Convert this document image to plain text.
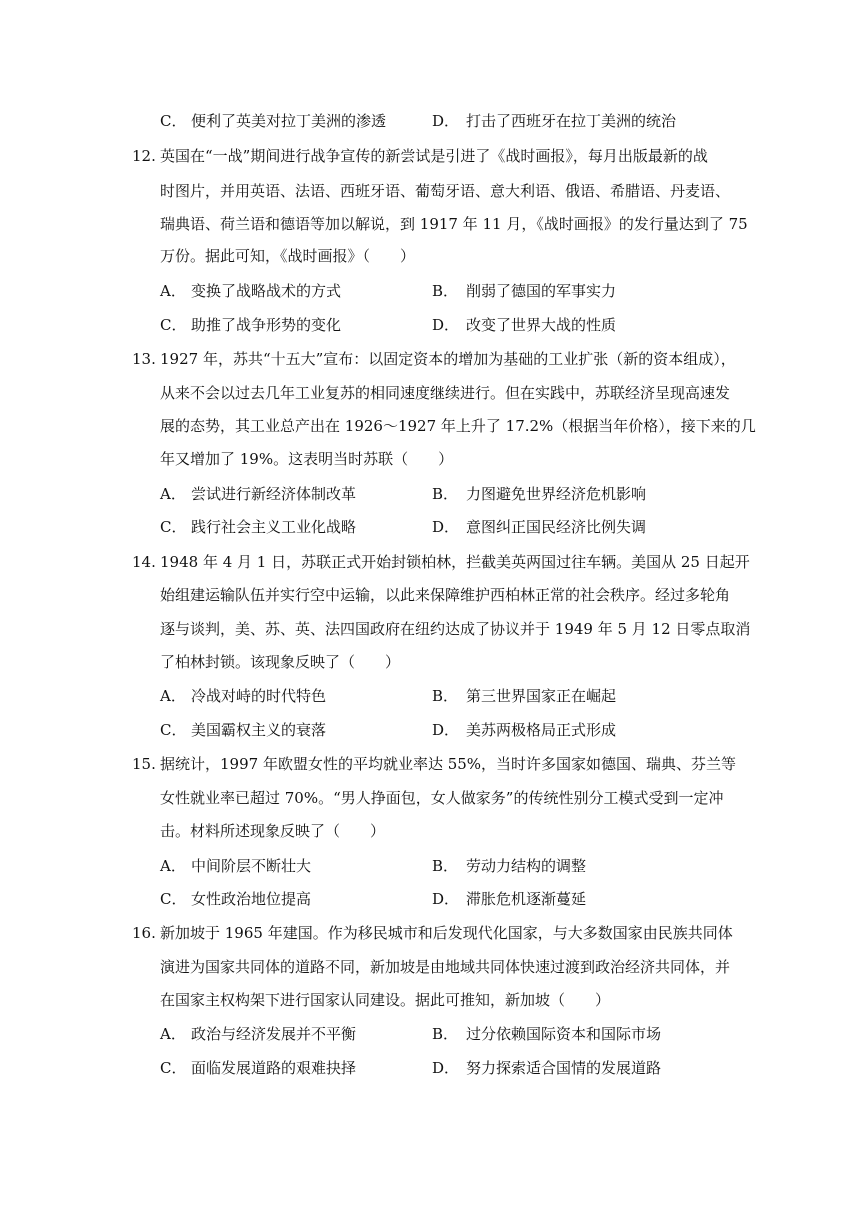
C． 便利了英美对拉丁美洲的渗透	D． 打击了西班牙在拉丁美洲的统治
12. 英国在“一战”期间进行战争宣传的新尝试是引进了《战时画报》，每月出版最新的战
时图片，并用英语、法语、西班牙语、葡萄牙语、意大利语、俄语、希腊语、丹麦语、
瑞典语、荷兰语和德语等加以解说，到 1917 年 11 月，《战时画报》的发行量达到了 75
万份。据此可知，《战时画报》（　　）
A． 变换了战略战术的方式	B． 削弱了德国的军事实力
C． 助推了战争形势的变化	D． 改变了世界大战的性质
13. 1927 年，苏共“十五大”宣布：以固定资本的增加为基础的工业扩张（新的资本组成），
从来不会以过去几年工业复苏的相同速度继续进行。但在实践中，苏联经济呈现高速发
展的态势，其工业总产出在 1926～1927 年上升了 17.2%（根据当年价格），接下来的几
年又增加了 19%。这表明当时苏联（　　）
A． 尝试进行新经济体制改革	B． 力图避免世界经济危机影响
C． 践行社会主义工业化战略	D． 意图纠正国民经济比例失调
14. 1948 年 4 月 1 日，苏联正式开始封锁柏林，拦截美英两国过往车辆。美国从 25 日起开
始组建运输队伍并实行空中运输，以此来保障维护西柏林正常的社会秩序。经过多轮角
逐与谈判，美、苏、英、法四国政府在纽约达成了协议并于 1949 年 5 月 12 日零点取消
了柏林封锁。该现象反映了（　　）
A． 冷战对峙的时代特色	B． 第三世界国家正在崛起
C． 美国霸权主义的衰落	D． 美苏两极格局正式形成
15. 据统计，1997 年欧盟女性的平均就业率达 55%，当时许多国家如德国、瑞典、芬兰等
女性就业率已超过 70%。“男人挣面包，女人做家务”的传统性别分工模式受到一定冲
击。材料所述现象反映了（　　）
A． 中间阶层不断壮大	B． 劳动力结构的调整
C． 女性政治地位提高	D． 滞胀危机逐渐蔓延
16. 新加坡于 1965 年建国。作为移民城市和后发现代化国家，与大多数国家由民族共同体
演进为国家共同体的道路不同，新加坡是由地域共同体快速过渡到政治经济共同体，并
在国家主权构架下进行国家认同建设。据此可推知，新加坡（　　）
A． 政治与经济发展并不平衡	B． 过分依赖国际资本和国际市场
C． 面临发展道路的艰难抉择	D． 努力探索适合国情的发展道路
